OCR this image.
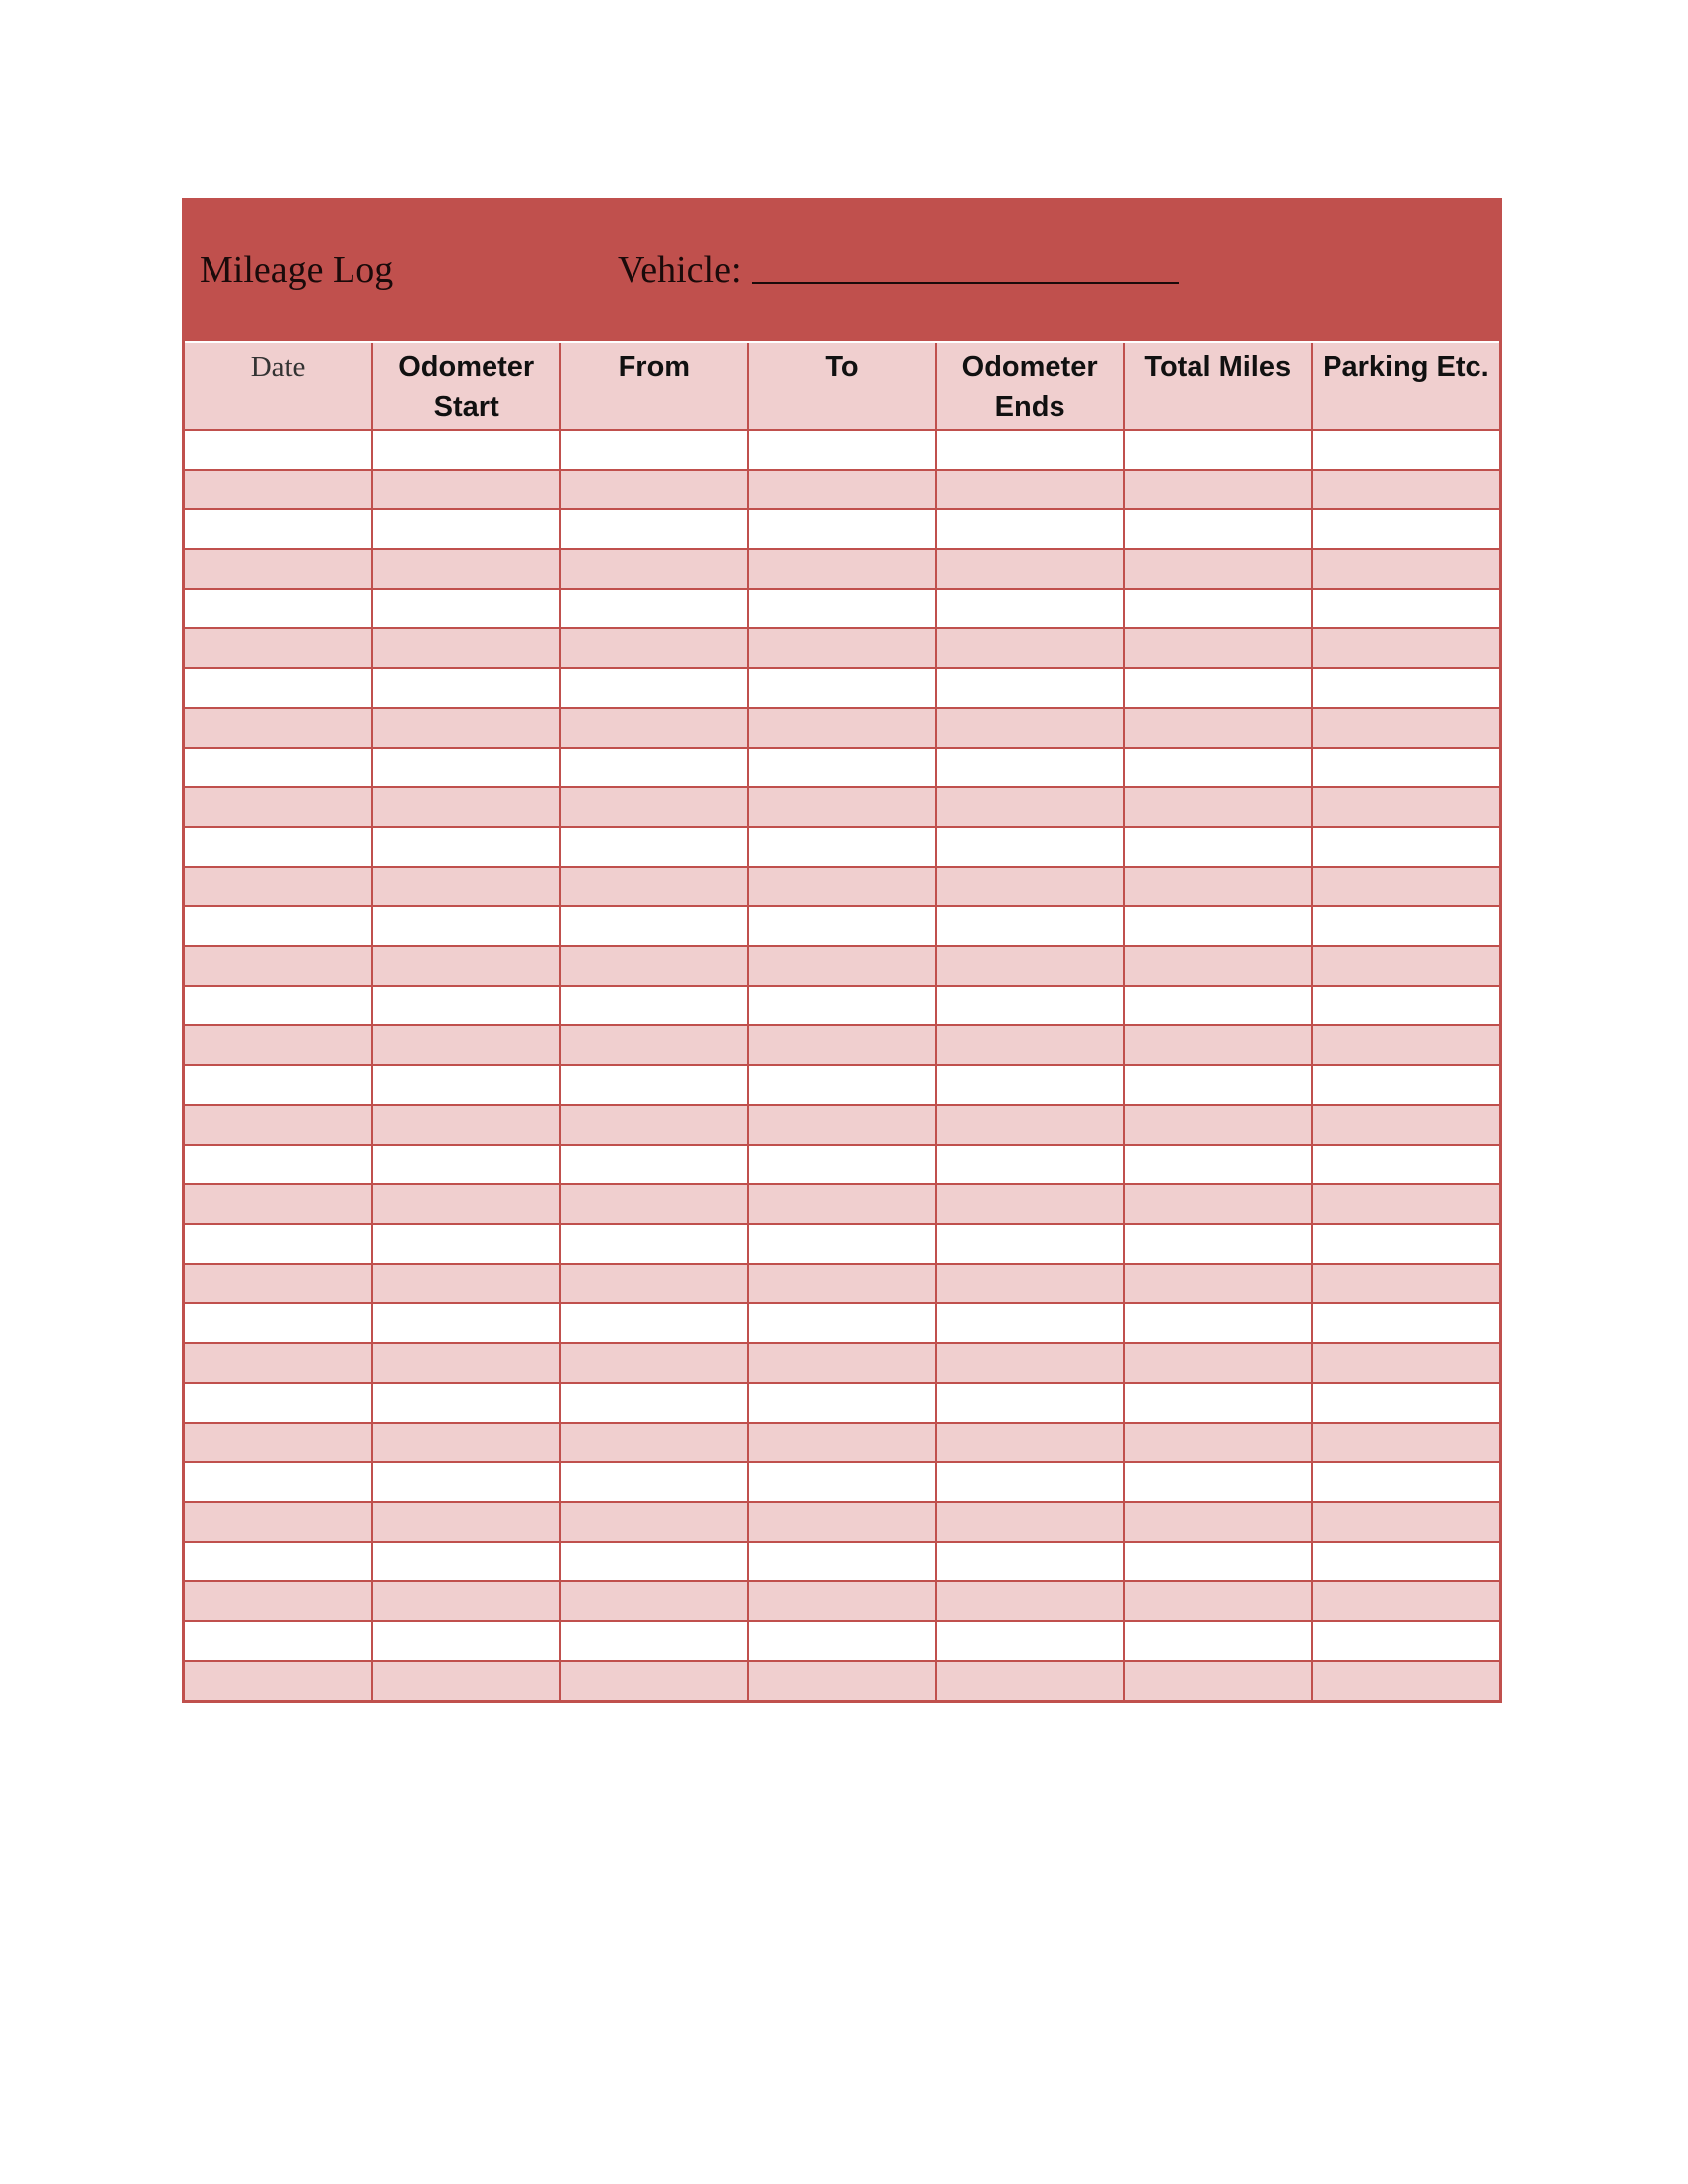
Mileage Log	Vehicle:
Date	Odometer Start	From	To	Odometer Ends	Total Miles	Parking Etc.
